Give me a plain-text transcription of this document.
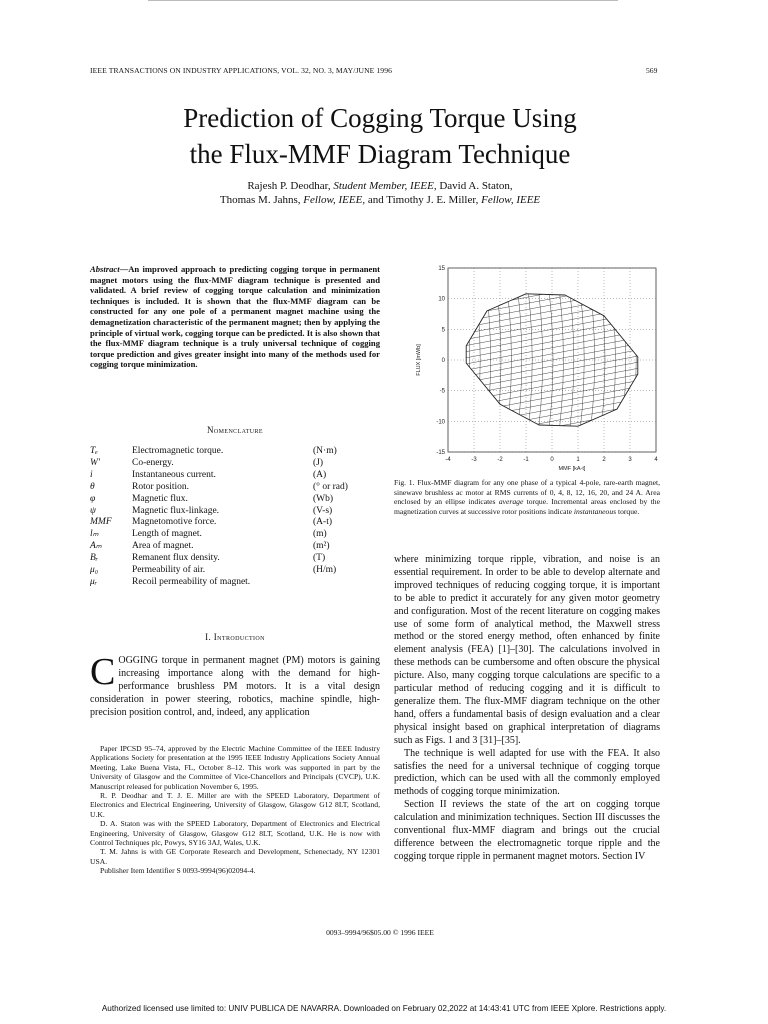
IEEE TRANSACTIONS ON INDUSTRY APPLICATIONS, VOL. 32, NO. 3, MAY/JUNE 1996	569
Prediction of Cogging Torque Using
the Flux-MMF Diagram Technique
Rajesh P. Deodhar, Student Member, IEEE, David A. Staton,
Thomas M. Jahns, Fellow, IEEE, and Timothy J. E. Miller, Fellow, IEEE
Abstract—An improved approach to predicting cogging torque in permanent magnet motors using the flux-MMF diagram technique is presented and validated. A brief review of cogging torque calculation and minimization techniques is included. It is shown that the flux-MMF diagram can be constructed for any one pole of a permanent magnet machine using the demagnetization characteristic of the permanent magnet; then by applying the principle of virtual work, cogging torque can be predicted. It is also shown that the flux-MMF diagram technique is a truly universal technique of cogging torque prediction and gives greater insight into many of the methods used for cogging torque minimization.
Nomenclature
Tₑ	Electromagnetic torque.	(N·m)
W′	Co-energy.	(J)
i	Instantaneous current.	(A)
θ	Rotor position.	(° or rad)
φ	Magnetic flux.	(Wb)
ψ	Magnetic flux-linkage.	(V-s)
MMF	Magnetomotive force.	(A-t)
lₘ	Length of magnet.	(m)
Aₘ	Area of magnet.	(m²)
Bᵣ	Remanent flux density.	(T)
μ₀	Permeability of air.	(H/m)
μᵣ	Recoil permeability of magnet.	
I. Introduction
COGGING torque in permanent magnet (PM) motors is gaining increasing importance along with the demand for high-performance brushless PM motors. It is a vital design consideration in power steering, robotics, machine spindle, high-precision position control, and, indeed, any application

Paper IPCSD 95–74, approved by the Electric Machine Committee of the IEEE Industry Applications Society for presentation at the 1995 IEEE Industry Applications Society Annual Meeting, Lake Buena Vista, FL, October 8–12. This work was supported in part by the University of Glasgow and the Committee of Vice-Chancellors and Principals (CVCP), U.K. Manuscript released for publication November 6, 1995.

R. P. Deodhar and T. J. E. Miller are with the SPEED Laboratory, Department of Electronics and Electrical Engineering, University of Glasgow, Glasgow G12 8LT, Scotland, U.K.

D. A. Staton was with the SPEED Laboratory, Department of Electronics and Electrical Engineering, University of Glasgow, Glasgow G12 8LT, Scotland, U.K. He is now with Control Techniques plc, Powys, SY16 3AJ, Wales, U.K.

T. M. Jahns is with GE Corporate Research and Development, Schenectady, NY 12301 USA.

Publisher Item Identifier S 0093-9994(96)02094-4.

-4	-3	-2	-1	0	1	2	3	4
-15
-10
-5
0
5
10
15
MMF [kA-t]
FLUX [mWb]
Fig. 1. Flux-MMF diagram for any one phase of a typical 4-pole, rare-earth magnet, sinewave brushless ac motor at RMS currents of 0, 4, 8, 12, 16, 20, and 24 A. Area enclosed by an ellipse indicates average torque. Incremental areas enclosed by the magnetization curves at successive rotor positions indicate instantaneous torque.

where minimizing torque ripple, vibration, and noise is an essential requirement. In order to be able to develop alternate and improved techniques of reducing cogging torque, it is important to be able to predict it accurately for any given motor geometry and configuration. Most of the recent literature on cogging makes use of some form of analytical method, the Maxwell stress method or the stored energy method, often enhanced by finite element analysis (FEA) [1]–[30]. The calculations involved in these methods can be cumbersome and often obscure the physical picture. Also, many cogging torque calculations are specific to a particular method of reducing cogging and it is difficult to generalize them. The flux-MMF diagram technique on the other hand, offers a fundamental basis of design evaluation and a clear physical insight based on graphical interpretation of diagrams such as Figs. 1 and 3 [31]–[35].

The technique is well adapted for use with the FEA. It also satisfies the need for a universal technique of cogging torque prediction, which can be used with all the commonly employed methods of cogging torque minimization.

Section II reviews the state of the art on cogging torque calculation and minimization techniques. Section III discusses the conventional flux-MMF diagram and brings out the crucial difference between the electromagnetic torque ripple and the cogging torque ripple in permanent magnet motors. Section IV

0093–9994/96$05.00 © 1996 IEEE
Authorized licensed use limited to: UNIV PUBLICA DE NAVARRA. Downloaded on February 02,2022 at 14:43:41 UTC from IEEE Xplore. Restrictions apply.
